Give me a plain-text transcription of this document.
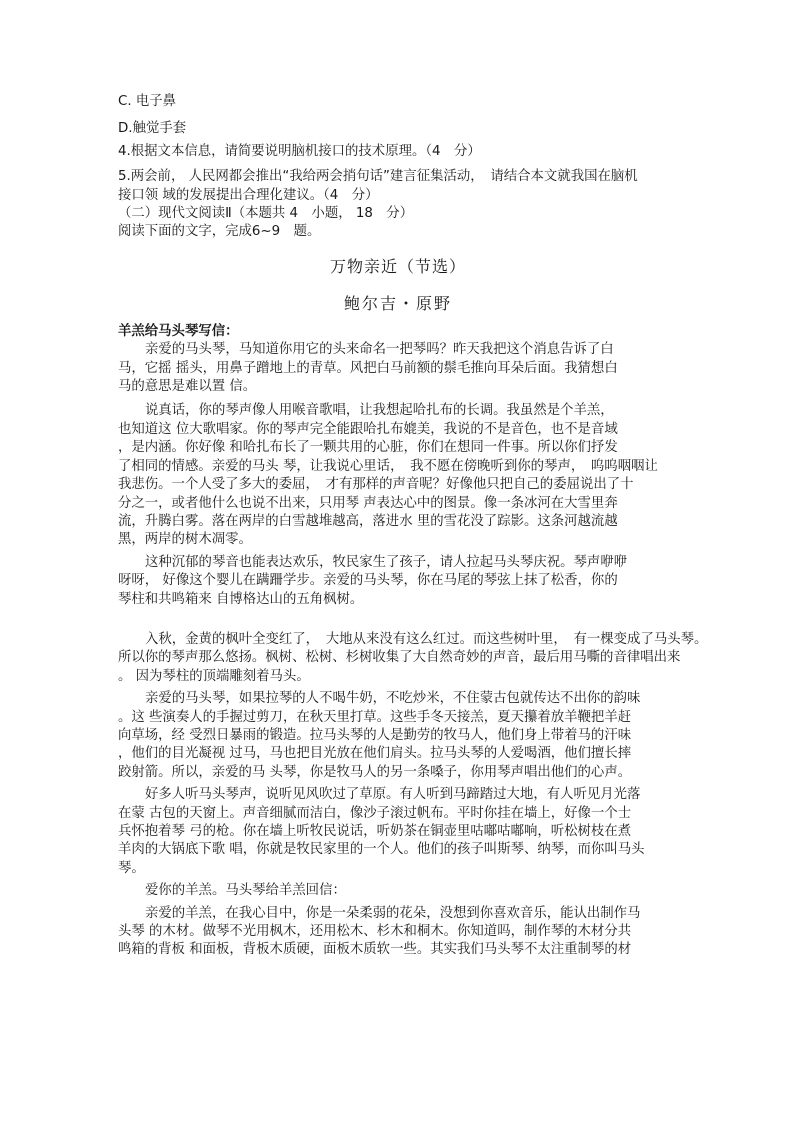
C. 电子鼻

D.触觉手套

4.根据文本信息，请简要说明脑机接口的技术原理。（4　分）

5.两会前， 人民网都会推出“我给两会捎句话”建言征集活动，　请结合本文就我国在脑机

接口领 域的发展提出合理化建议。（4　分）

（二）现代文阅读Ⅱ（本题共 4　小题， 18　分）

阅读下面的文字，完成6~9　题。

万物亲近（节选）

鲍尔吉・原野

羊羔给马头琴写信：

亲爱的马头琴，马知道你用它的头来命名一把琴吗？昨天我把这个消息告诉了白

马，它摇 摇头，用鼻子蹭地上的青草。风把白马前额的鬃毛推向耳朵后面。我猜想白

马的意思是难以置 信。

说真话，你的琴声像人用喉音歌唱，让我想起哈扎布的长调。我虽然是个羊羔，

也知道这 位大歌唱家。你的琴声完全能跟哈扎布媲美，我说的不是音色，也不是音域

，是内涵。你好像 和哈扎布长了一颗共用的心脏，你们在想同一件事。所以你们抒发

了相同的情感。亲爱的马头 琴，让我说心里话，　我不愿在傍晚听到你的琴声，　呜呜咽咽让

我悲伤。一个人受了多大的委屈，　才有那样的声音呢？好像他只把自己的委屈说出了十

分之一，或者他什么也说不出来，只用琴 声表达心中的图景。像一条冰河在大雪里奔

流，升腾白雾。落在两岸的白雪越堆越高，落进水 里的雪花没了踪影。这条河越流越

黑，两岸的树木凋零。

这种沉郁的琴音也能表达欢乐，牧民家生了孩子，请人拉起马头琴庆祝。琴声咿咿

呀呀， 好像这个婴儿在蹒跚学步。亲爱的马头琴，你在马尾的琴弦上抹了松香，你的

琴柱和共鸣箱来 自博格达山的五角枫树。

入秋，金黄的枫叶全变红了，　大地从来没有这么红过。而这些树叶里，　有一棵变成了马头琴。

所以你的琴声那么悠扬。枫树、松树、杉树收集了大自然奇妙的声音，最后用马嘶的音律唱出来

。 因为琴柱的顶端雕刻着马头。

亲爱的马头琴，如果拉琴的人不喝牛奶，不吃炒米，不住蒙古包就传达不出你的韵味

。这 些演奏人的手握过剪刀，在秋天里打草。这些手冬天接羔，夏天攥着放羊鞭把羊赶

向草场，经 受烈日暴雨的锻造。拉马头琴的人是勤劳的牧马人，他们身上带着马的汗味

，他们的目光凝视 过马，马也把目光放在他们肩头。拉马头琴的人爱喝酒，他们擅长摔

跤射箭。所以，亲爱的马 头琴，你是牧马人的另一条嗓子，你用琴声唱出他们的心声。

好多人听马头琴声，说听见风吹过了草原。有人听到马蹄踏过大地，有人听见月光落

在蒙 古包的天窗上。声音细腻而洁白，像沙子滚过帆布。平时你挂在墙上，好像一个士

兵怀抱着琴 弓的枪。你在墙上听牧民说话，听奶茶在铜壶里咕嘟咕嘟响，听松树枝在煮

羊肉的大锅底下歌 唱，你就是牧民家里的一个人。他们的孩子叫斯琴、纳琴，而你叫马头

琴。

爱你的羊羔。马头琴给羊羔回信：

亲爱的羊羔，在我心目中，你是一朵柔弱的花朵，没想到你喜欢音乐，能认出制作马

头琴 的木材。做琴不光用枫木，还用松木、杉木和桐木。你知道吗，制作琴的木材分共

鸣箱的背板 和面板，背板木质硬，面板木质软一些。其实我们马头琴不太注重制琴的材
